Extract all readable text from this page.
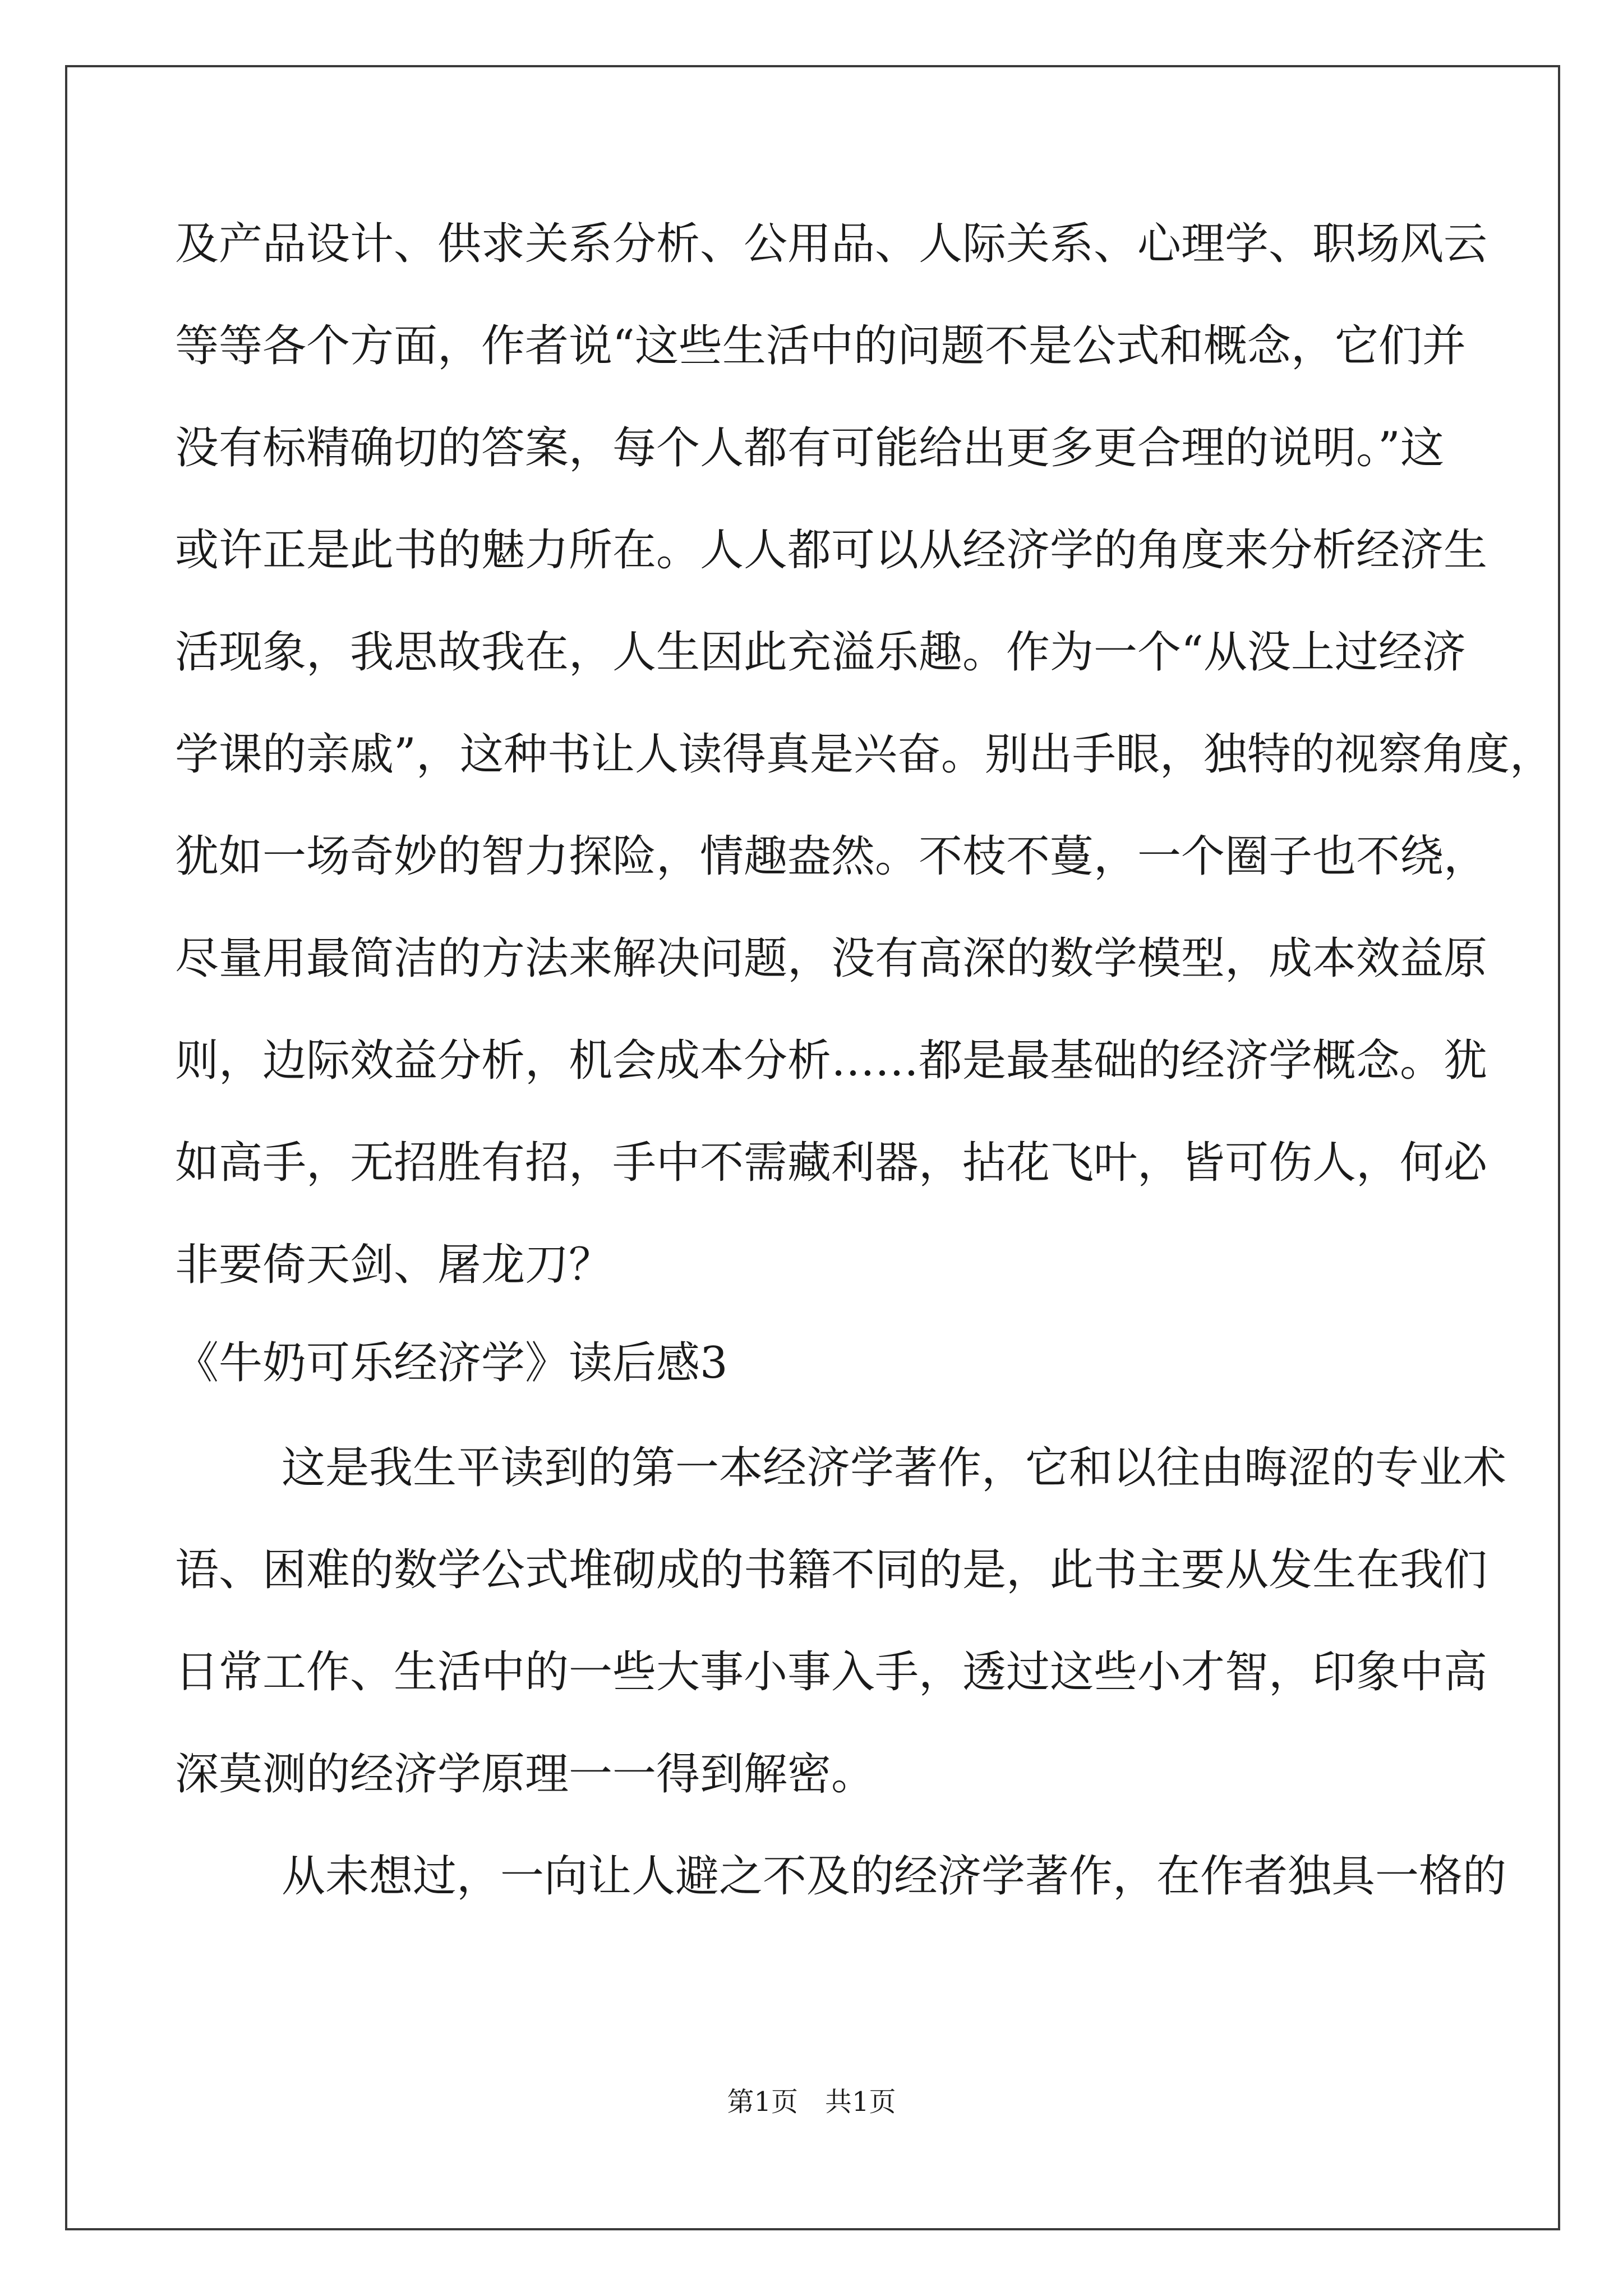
及产品设计、供求关系分析、公用品、人际关系、心理学、职场风云
等等各个方面，作者说“这些生活中的问题不是公式和概念，它们并
没有标精确切的答案，每个人都有可能给出更多更合理的说明。”这
或许正是此书的魅力所在。人人都可以从经济学的角度来分析经济生
活现象，我思故我在，人生因此充溢乐趣。作为一个“从没上过经济
学课的亲戚”，这种书让人读得真是兴奋。别出手眼，独特的视察角度，
犹如一场奇妙的智力探险，情趣盎然。不枝不蔓，一个圈子也不绕，
尽量用最简洁的方法来解决问题，没有高深的数学模型，成本效益原
则，边际效益分析，机会成本分析……都是最基础的经济学概念。犹
如高手，无招胜有招，手中不需藏利器，拈花飞叶，皆可伤人，何必
非要倚天剑、屠龙刀？
《牛奶可乐经济学》读后感3
这是我生平读到的第一本经济学著作，它和以往由晦涩的专业术
语、困难的数学公式堆砌成的书籍不同的是，此书主要从发生在我们
日常工作、生活中的一些大事小事入手，透过这些小才智，印象中高
深莫测的经济学原理一一得到解密。
从未想过，一向让人避之不及的经济学著作，在作者独具一格的
第1页　共1页
